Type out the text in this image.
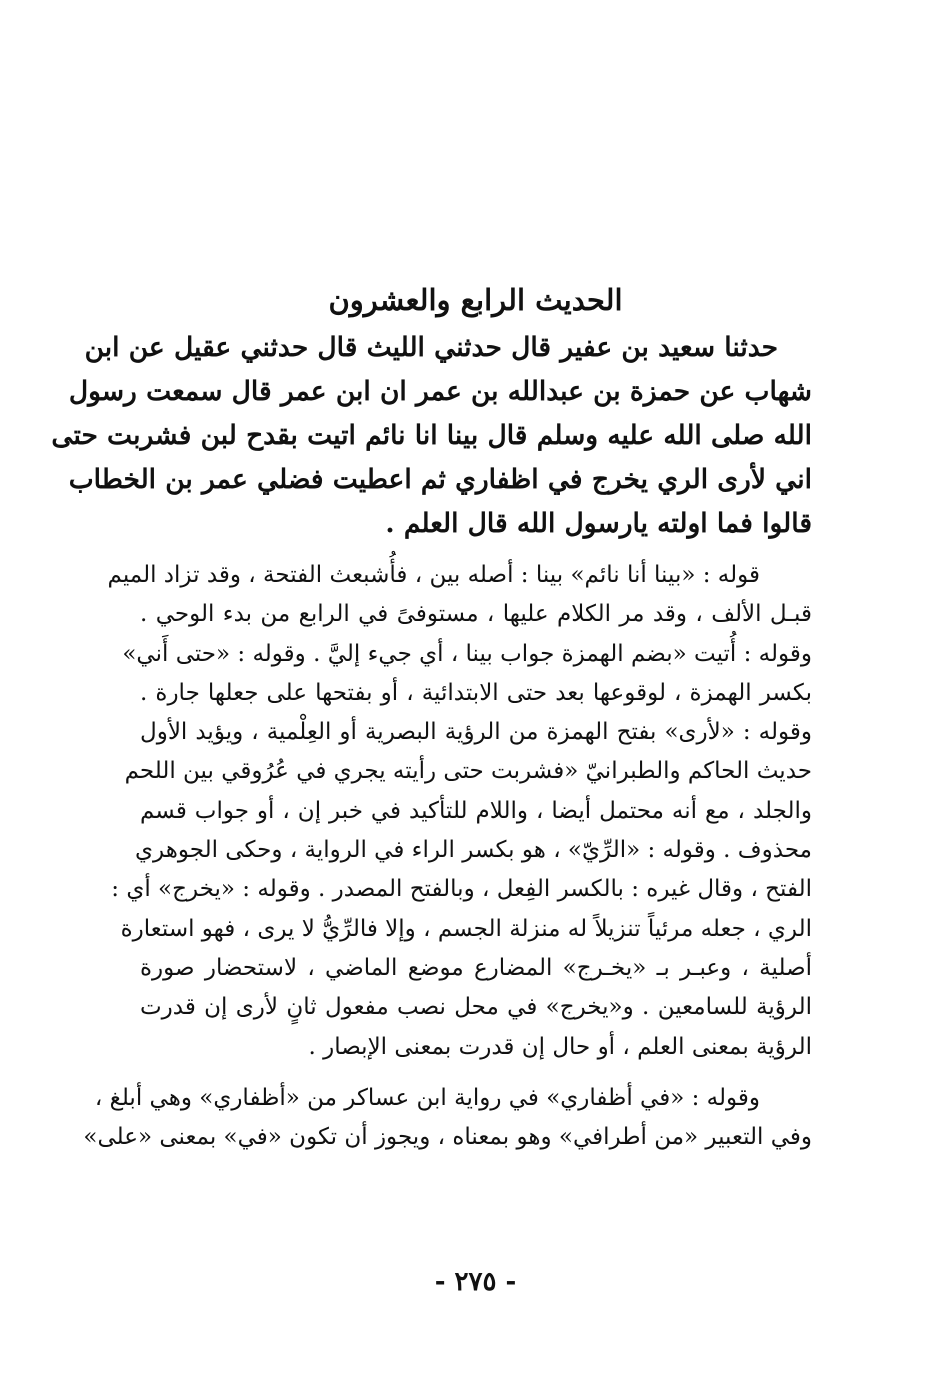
الحديث الرابع والعشرون
حدثنا سعيد بن عفير قال حدثني الليث قال حدثني عقيل عن ابن
شهاب عن حمزة بن عبدالله بن عمر ان ابن عمر قال سمعت رسول
الله صلى الله عليه وسلم قال بينا انا نائم اتيت بقدح لبن فشربت حتى
اني لأرى الري يخرج في اظفاري ثم اعطيت فضلي عمر بن الخطاب
قالوا فما اولته يارسول الله قال العلم .
قوله : «بينا أنا نائم» بينا : أصله بين ، فأُشبعث الفتحة ، وقد تزاد الميم
قبـل الألف ، وقد مر الكلام عليها ، مستوفىً في الرابع من بدء الوحي .
وقوله : أُتيت «بضم الهمزة جواب بينا ، أي جيء إليَّ . وقوله : «حتى أَني»
بكسر الهمزة ، لوقوعها بعد حتى الابتدائية ، أو بفتحها على جعلها جارة .
وقوله : «لأرى» بفتح الهمزة من الرؤية البصرية أو العِلْمية ، ويؤيد الأول
حديث الحاكم والطبرانيّ «فشربت حتى رأيته يجري في عُرُوقي بين اللحم
والجلد ، مع أنه محتمل أيضا ، واللام للتأكيد في خبر إن ، أو جواب قسم
محذوف . وقوله : «الرِّيّ» ، هو بكسر الراء في الرواية ، وحكى الجوهري
الفتح ، وقال غيره : بالكسر الفِعل ، وبالفتح المصدر . وقوله : «يخرج» أي :
الري ، جعله مرئياً تنزيلاً له منزلة الجسم ، وإلا فالرِّيُّ لا يرى ، فهو استعارة
أصلية ، وعبـر بـ «يخـرج» المضارع موضع الماضي ، لاستحضار صورة
الرؤية للسامعين . و«يخرج» في محل نصب مفعول ثانٍ لأرى إن قدرت
الرؤية بمعنى العلم ، أو حال إن قدرت بمعنى الإبصار .
وقوله : «في أظفاري» في رواية ابن عساكر من «أظفاري» وهي أبلغ ،
وفي التعبير «من أطرافي» وهو بمعناه ، ويجوز أن تكون «في» بمعنى «على»
- ٢٧٥ -
